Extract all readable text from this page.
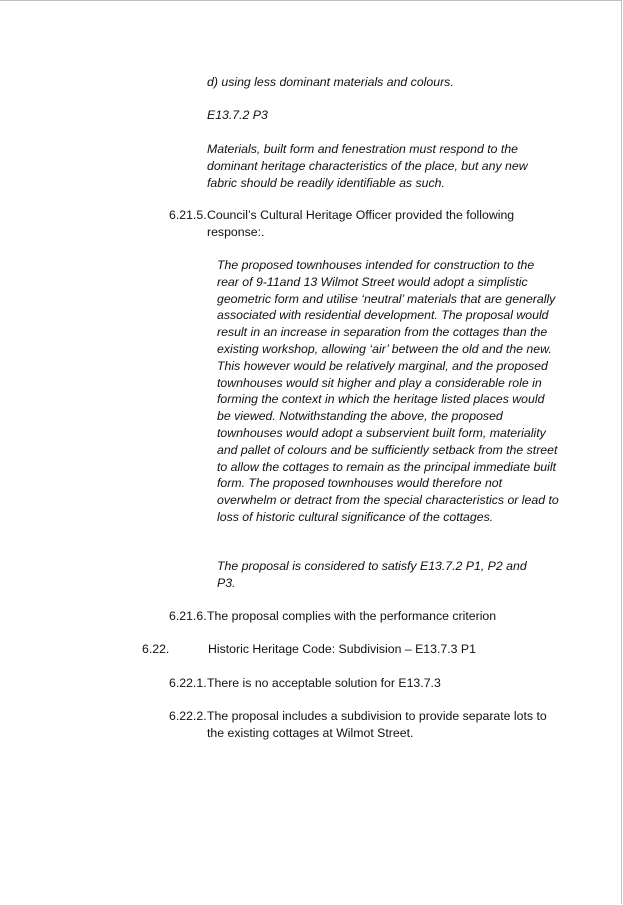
d) using less dominant materials and colours.

E13.7.2 P3

Materials, built form and fenestration must respond to the dominant heritage characteristics of the place, but any new fabric should be readily identifiable as such.

6.21.5. Council’s Cultural Heritage Officer provided the following response:.

The proposed townhouses intended for construction to the rear of 9-11and 13 Wilmot Street would adopt a simplistic geometric form and utilise ‘neutral’ materials that are generally associated with residential development. The proposal would result in an increase in separation from the cottages than the existing workshop, allowing ‘air’ between the old and the new. This however would be relatively marginal, and the proposed townhouses would sit higher and play a considerable role in forming the context in which the heritage listed places would be viewed. Notwithstanding the above, the proposed townhouses would adopt a subservient built form, materiality and pallet of colours and be sufficiently setback from the street to allow the cottages to remain as the principal immediate built form. The proposed townhouses would therefore not overwhelm or detract from the special characteristics or lead to loss of historic cultural significance of the cottages.

The proposal is considered to satisfy E13.7.2 P1, P2 and P3.

6.21.6. The proposal complies with the performance criterion
6.22.	Historic Heritage Code: Subdivision – E13.7.3 P1
6.22.1. There is no acceptable solution for E13.7.3
6.22.2. The proposal includes a subdivision to provide separate lots to the existing cottages at Wilmot Street.
